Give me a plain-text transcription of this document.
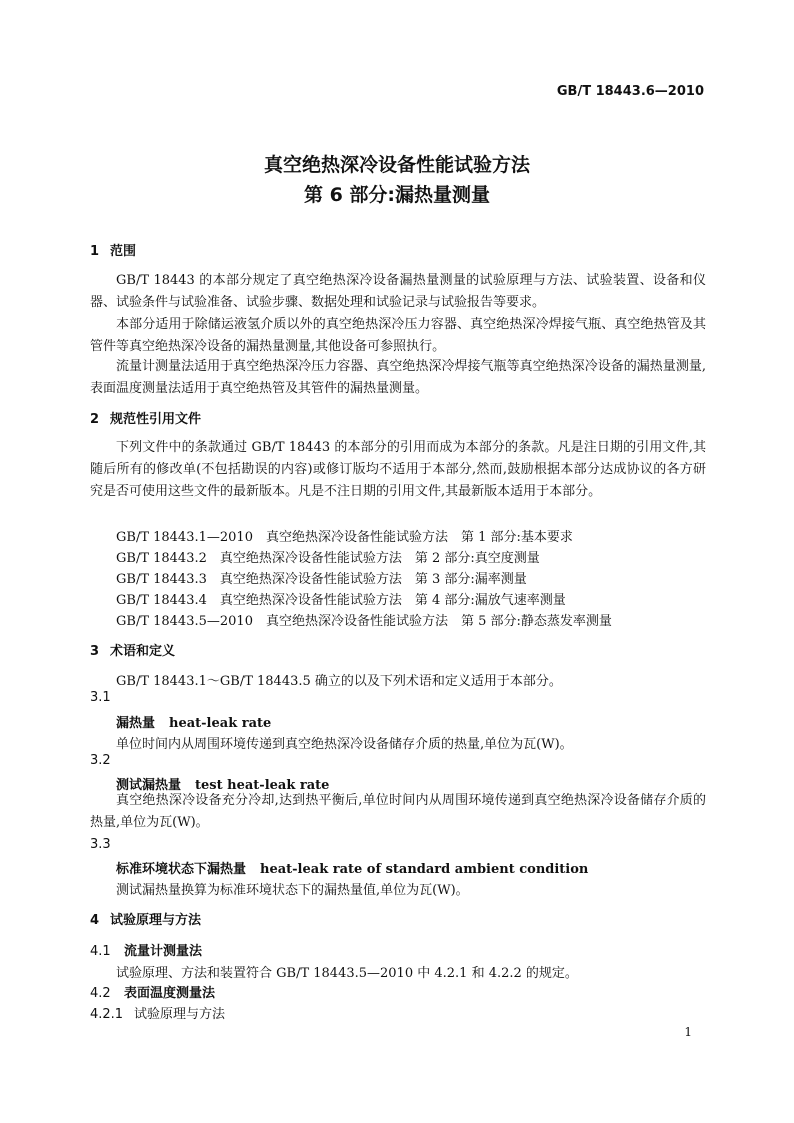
GB/T 18443.6—2010
真空绝热深冷设备性能试验方法
第 6 部分:漏热量测量
1 范围
GB/T 18443 的本部分规定了真空绝热深冷设备漏热量测量的试验原理与方法、试验装置、设备和仪器、试验条件与试验准备、试验步骤、数据处理和试验记录与试验报告等要求。
本部分适用于除储运液氢介质以外的真空绝热深冷压力容器、真空绝热深冷焊接气瓶、真空绝热管及其管件等真空绝热深冷设备的漏热量测量,其他设备可参照执行。
流量计测量法适用于真空绝热深冷压力容器、真空绝热深冷焊接气瓶等真空绝热深冷设备的漏热量测量,表面温度测量法适用于真空绝热管及其管件的漏热量测量。
2 规范性引用文件
下列文件中的条款通过 GB/T 18443 的本部分的引用而成为本部分的条款。凡是注日期的引用文件,其随后所有的修改单(不包括勘误的内容)或修订版均不适用于本部分,然而,鼓励根据本部分达成协议的各方研究是否可使用这些文件的最新版本。凡是不注日期的引用文件,其最新版本适用于本部分。
GB/T 18443.1—2010　真空绝热深冷设备性能试验方法　第 1 部分:基本要求
GB/T 18443.2　真空绝热深冷设备性能试验方法　第 2 部分:真空度测量
GB/T 18443.3　真空绝热深冷设备性能试验方法　第 3 部分:漏率测量
GB/T 18443.4　真空绝热深冷设备性能试验方法　第 4 部分:漏放气速率测量
GB/T 18443.5—2010　真空绝热深冷设备性能试验方法　第 5 部分:静态蒸发率测量
3 术语和定义
GB/T 18443.1～GB/T 18443.5 确立的以及下列术语和定义适用于本部分。
3.1
漏热量 heat-leak rate
单位时间内从周围环境传递到真空绝热深冷设备储存介质的热量,单位为瓦(W)。
3.2
测试漏热量 test heat-leak rate
真空绝热深冷设备充分冷却,达到热平衡后,单位时间内从周围环境传递到真空绝热深冷设备储存介质的热量,单位为瓦(W)。
3.3
标准环境状态下漏热量 heat-leak rate of standard ambient condition
测试漏热量换算为标准环境状态下的漏热量值,单位为瓦(W)。
4 试验原理与方法
4.1 流量计测量法
试验原理、方法和装置符合 GB/T 18443.5—2010 中 4.2.1 和 4.2.2 的规定。
4.2 表面温度测量法
4.2.1 试验原理与方法
1
